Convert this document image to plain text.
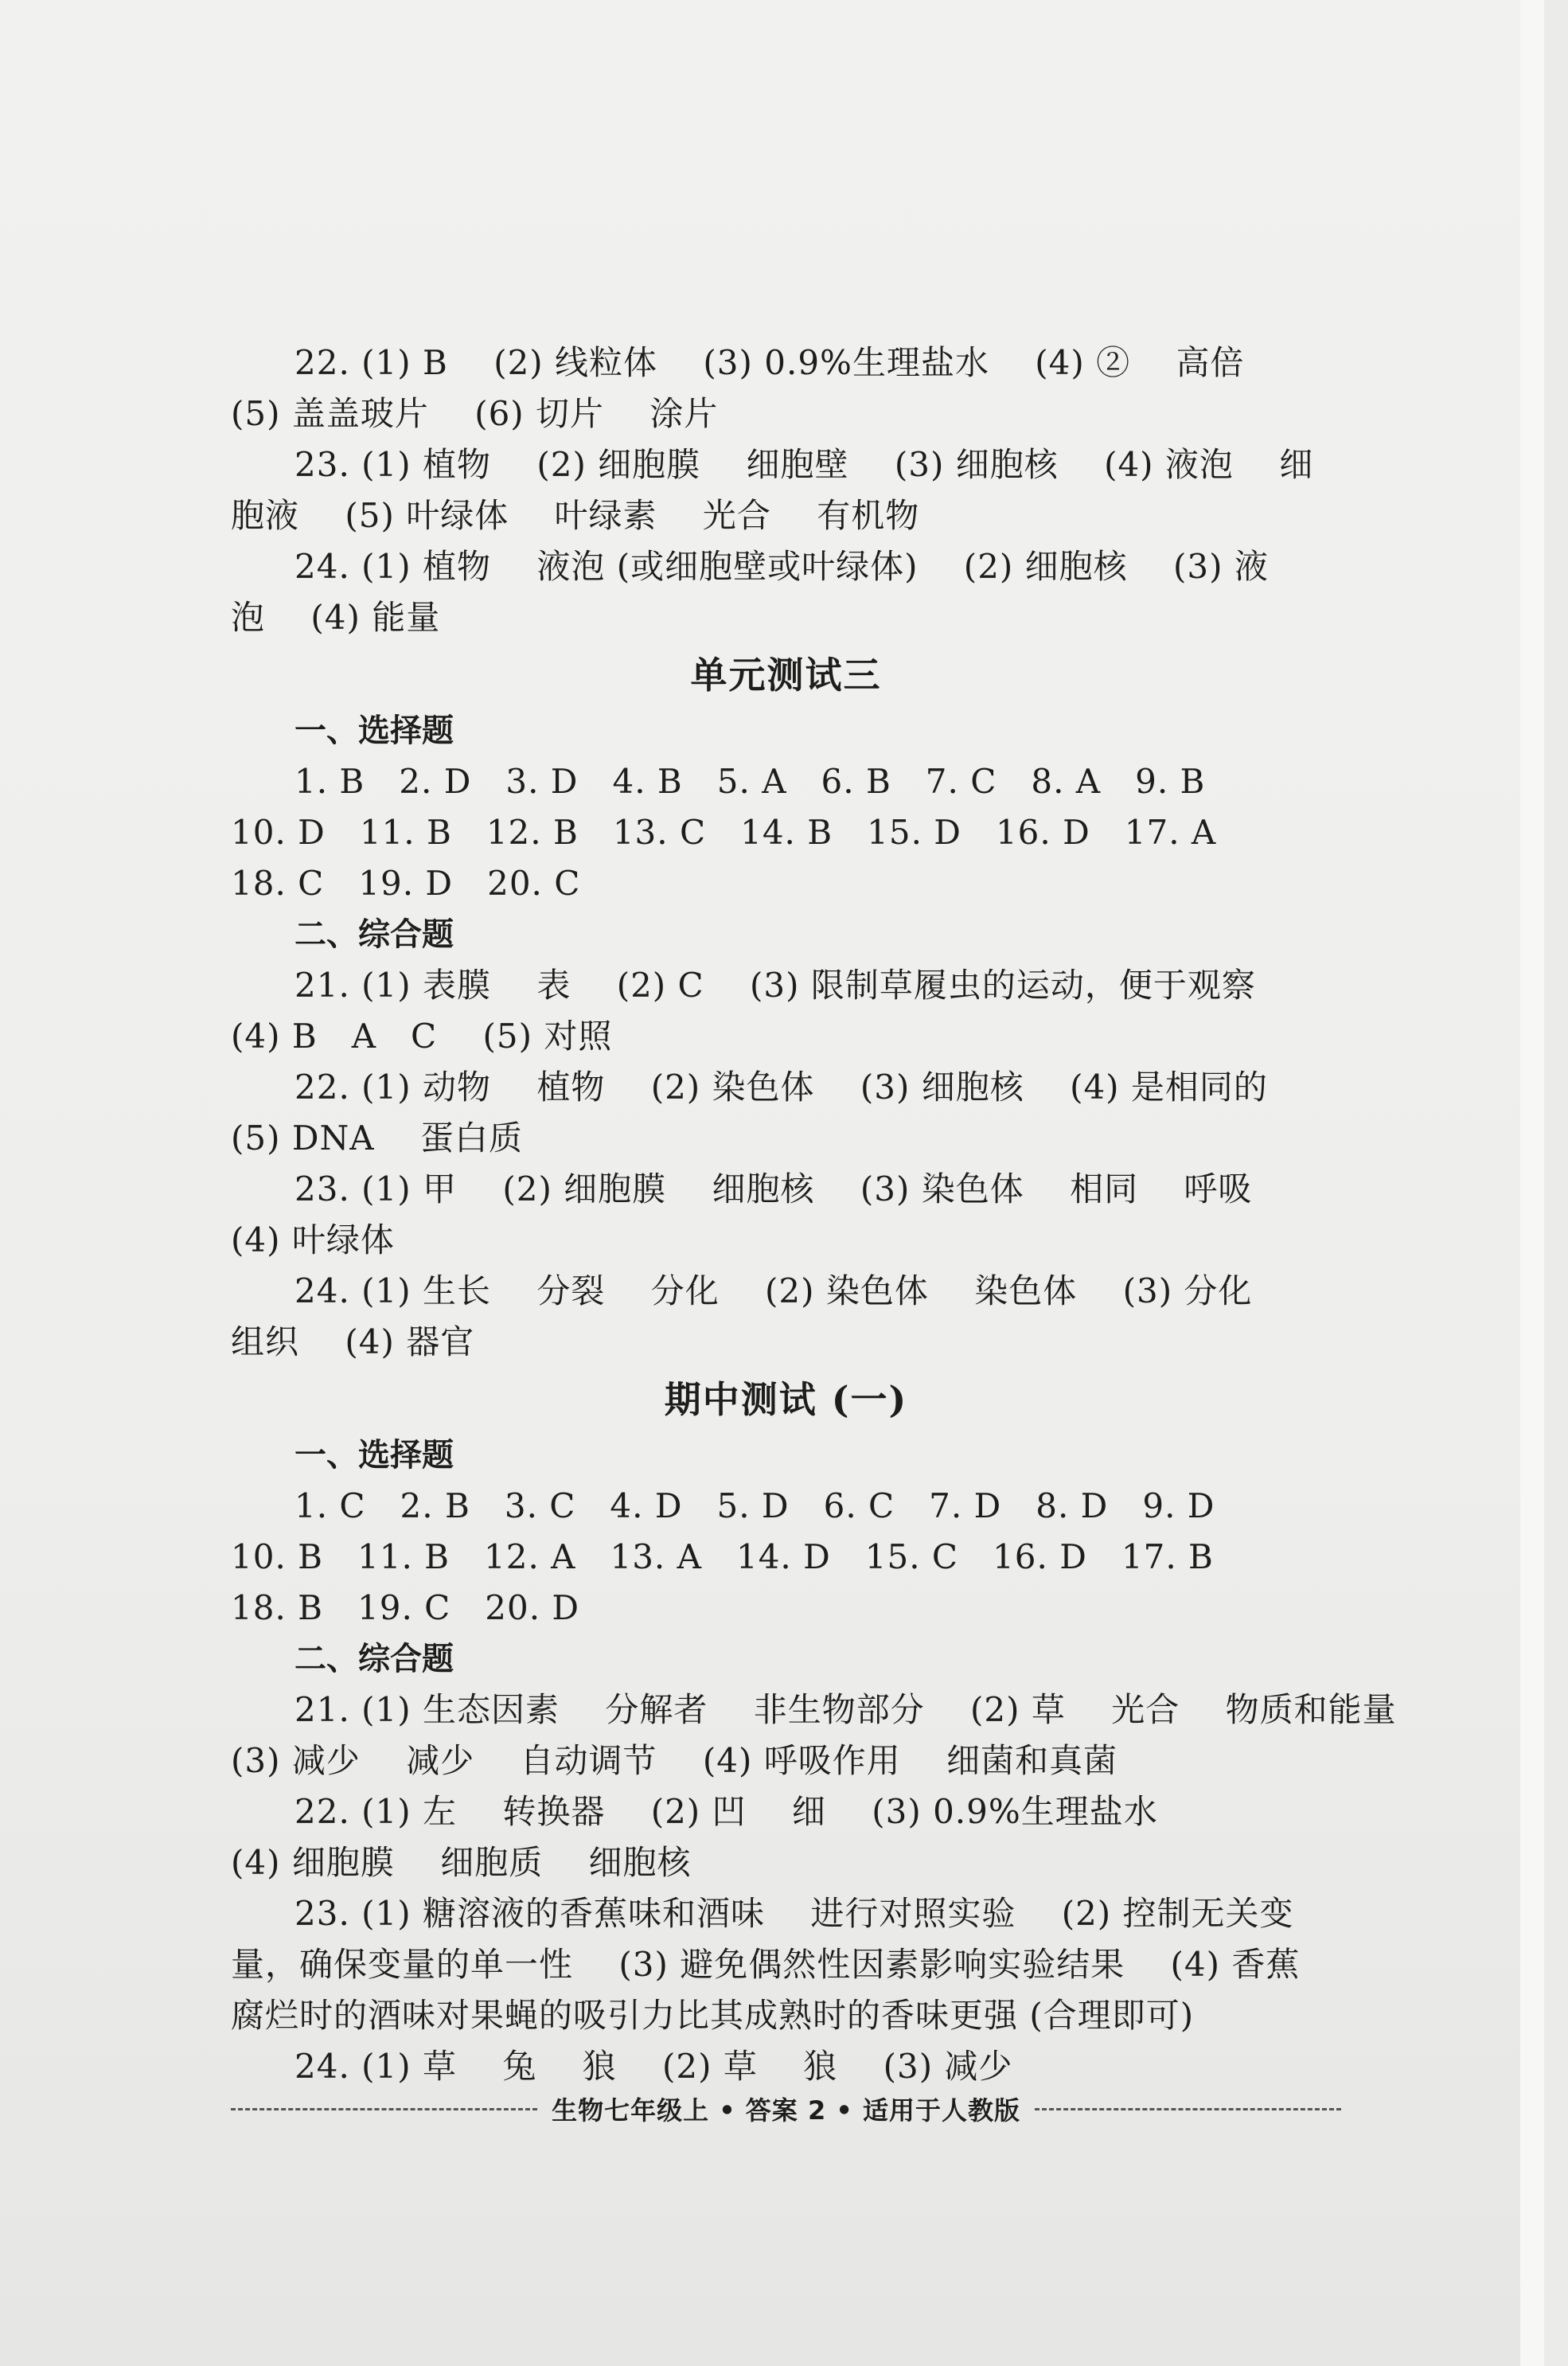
22. (1) B　 (2) 线粒体　 (3) 0.9%生理盐水　 (4) ②　 高倍
(5) 盖盖玻片　 (6) 切片　 涂片
23. (1) 植物　 (2) 细胞膜　 细胞壁　 (3) 细胞核　 (4) 液泡　 细
胞液　 (5) 叶绿体　 叶绿素　 光合　 有机物
24. (1) 植物　 液泡 (或细胞壁或叶绿体)　 (2) 细胞核　 (3) 液
泡　 (4) 能量
单元测试三
一、选择题
1. B　2. D　3. D　4. B　5. A　6. B　7. C　8. A　9. B
10. D　11. B　12. B　13. C　14. B　15. D　16. D　17. A
18. C　19. D　20. C
二、综合题
21. (1) 表膜　 表　 (2) C　 (3) 限制草履虫的运动，便于观察
(4) B　A　C　 (5) 对照
22. (1) 动物　 植物　 (2) 染色体　 (3) 细胞核　 (4) 是相同的
(5) DNA　 蛋白质
23. (1) 甲　 (2) 细胞膜　 细胞核　 (3) 染色体　 相同　 呼吸
(4) 叶绿体
24. (1) 生长　 分裂　 分化　 (2) 染色体　 染色体　 (3) 分化
组织　 (4) 器官
期中测试 (一)
一、选择题
1. C　2. B　3. C　4. D　5. D　6. C　7. D　8. D　9. D
10. B　11. B　12. A　13. A　14. D　15. C　16. D　17. B
18. B　19. C　20. D
二、综合题
21. (1) 生态因素　 分解者　 非生物部分　 (2) 草　 光合　 物质和能量
(3) 减少　 减少　 自动调节　 (4) 呼吸作用　 细菌和真菌
22. (1) 左　 转换器　 (2) 凹　 细　 (3) 0.9%生理盐水
(4) 细胞膜　 细胞质　 细胞核
23. (1) 糖溶液的香蕉味和酒味　 进行对照实验　 (2) 控制无关变
量，确保变量的单一性　 (3) 避免偶然性因素影响实验结果　 (4) 香蕉
腐烂时的酒味对果蝇的吸引力比其成熟时的香味更强 (合理即可)
24. (1) 草　 兔　 狼　 (2) 草　 狼　 (3) 减少
生物七年级上 • 答案 2 • 适用于人教版
